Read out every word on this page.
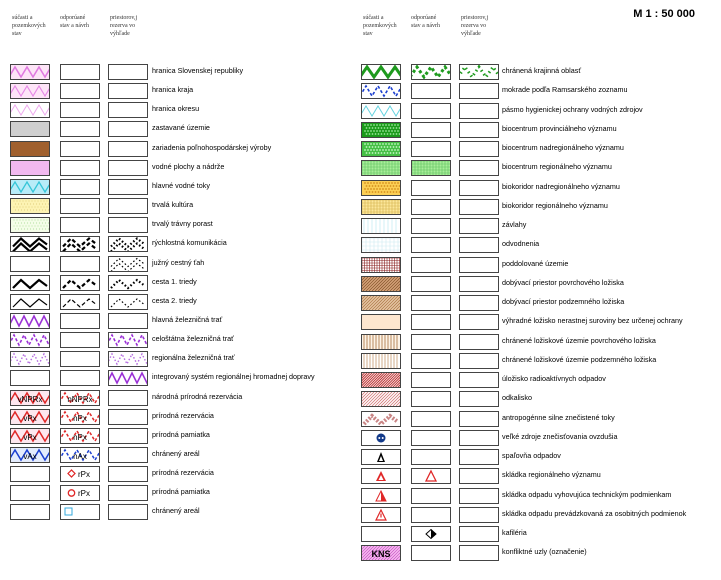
M 1 : 50 000
súčasti a
pozemkových
stav
odporúané
stav a návrh
priestorov,j
rezerva vo
výhľade
súčasti a
pozemkových
stav
odporúané
stav a návrh
priestorov,j
rezerva vo
výhľade
hranica Slovenskej republiky
hranica kraja
hranica okresu
zastavané územie
zariadenia poľnohospodárskej výroby
vodné plochy a nádrže
hlavné vodné toky
trvalá kultúra
trvalý trávny porast
rýchlostná komunikácia
južný cestný ťah
cesta 1. triedy
cesta 2. triedy
hlavná železničná trať
celoštátna železničná trať
regionálna železničná trať
integrovaný systém regionálnej hromadnej dopravy
vNPRx	nNPRx	národná prírodná rezervácia
vPx	nPx	prírodná rezervácia
vPx	nPx	prírodná pamiatka
vAx	nAx	chránený areál
rPx	prírodná rezervácia
rPx	prírodná pamiatka
chránený areál
chránená krajinná oblasť
mokrade podľa Ramsarského zoznamu
pásmo hygienickej ochrany vodných zdrojov
biocentrum provinciálneho významu
biocentrum nadregionálneho významu
biocentrum regionálneho významu
biokoridor nadregionálneho významu
biokoridor regionálneho významu
závlahy
odvodnenia
poddolované územie
dobývací priestor povrchového ložiska
dobývací priestor podzemného ložiska
výhradné ložisko nerastnej suroviny bez určenej ochrany
chránené ložiskové územie povrchového ložiska
chránené ložiskové územie podzemného ložiska
úložisko radioaktívnych odpadov
odkalisko
antropogénne silne znečistené toky
veľké zdroje znečisťovania ovzdušia
spaľovňa odpadov
skládka regionálneho významu
skládka odpadu vyhovujúca technickým podmienkam
skládka odpadu prevádzkovaná za osobitných podmienok
kafiléria
KNS	konfliktné uzly (označenie)
